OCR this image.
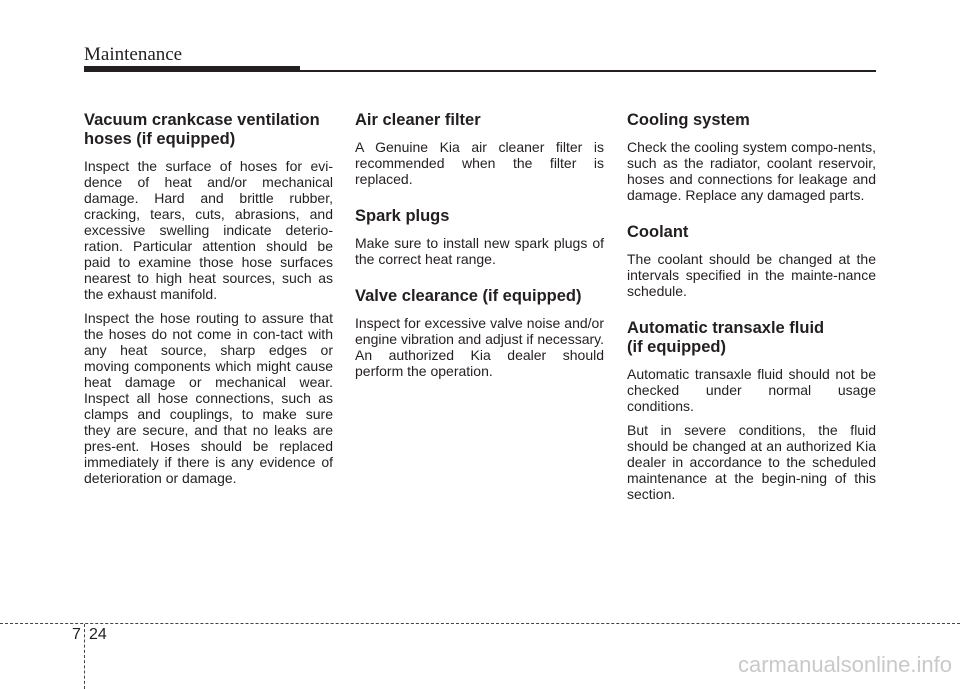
Maintenance
Vacuum crankcase ventilation
hoses (if equipped)

Inspect the surface of hoses for evi-dence of heat and/or mechanical damage. Hard and brittle rubber, cracking, tears, cuts, abrasions, and excessive swelling indicate deterio-ration. Particular attention should be paid to examine those hose surfaces nearest to high heat sources, such as the exhaust manifold.

Inspect the hose routing to assure that the hoses do not come in con-tact with any heat source, sharp edges or moving components which might cause heat damage or mechanical wear. Inspect all hose connections, such as clamps and couplings, to make sure they are secure, and that no leaks are pres-ent. Hoses should be replaced immediately if there is any evidence of deterioration or damage.

Air cleaner filter

A Genuine Kia air cleaner filter is recommended when the filter is replaced.

Spark plugs

Make sure to install new spark plugs of the correct heat range.

Valve clearance (if equipped)

Inspect for excessive valve noise and/or engine vibration and adjust if necessary. An authorized Kia dealer should perform the operation.

Cooling system

Check the cooling system compo-nents, such as the radiator, coolant reservoir, hoses and connections for leakage and damage. Replace any damaged parts.

Coolant

The coolant should be changed at the intervals specified in the mainte-nance schedule.

Automatic transaxle fluid
(if equipped)

Automatic transaxle fluid should not be checked under normal usage conditions.

But in severe conditions, the fluid should be changed at an authorized Kia dealer in accordance to the scheduled maintenance at the begin-ning of this section.

7 24
carmanualsonline.info
